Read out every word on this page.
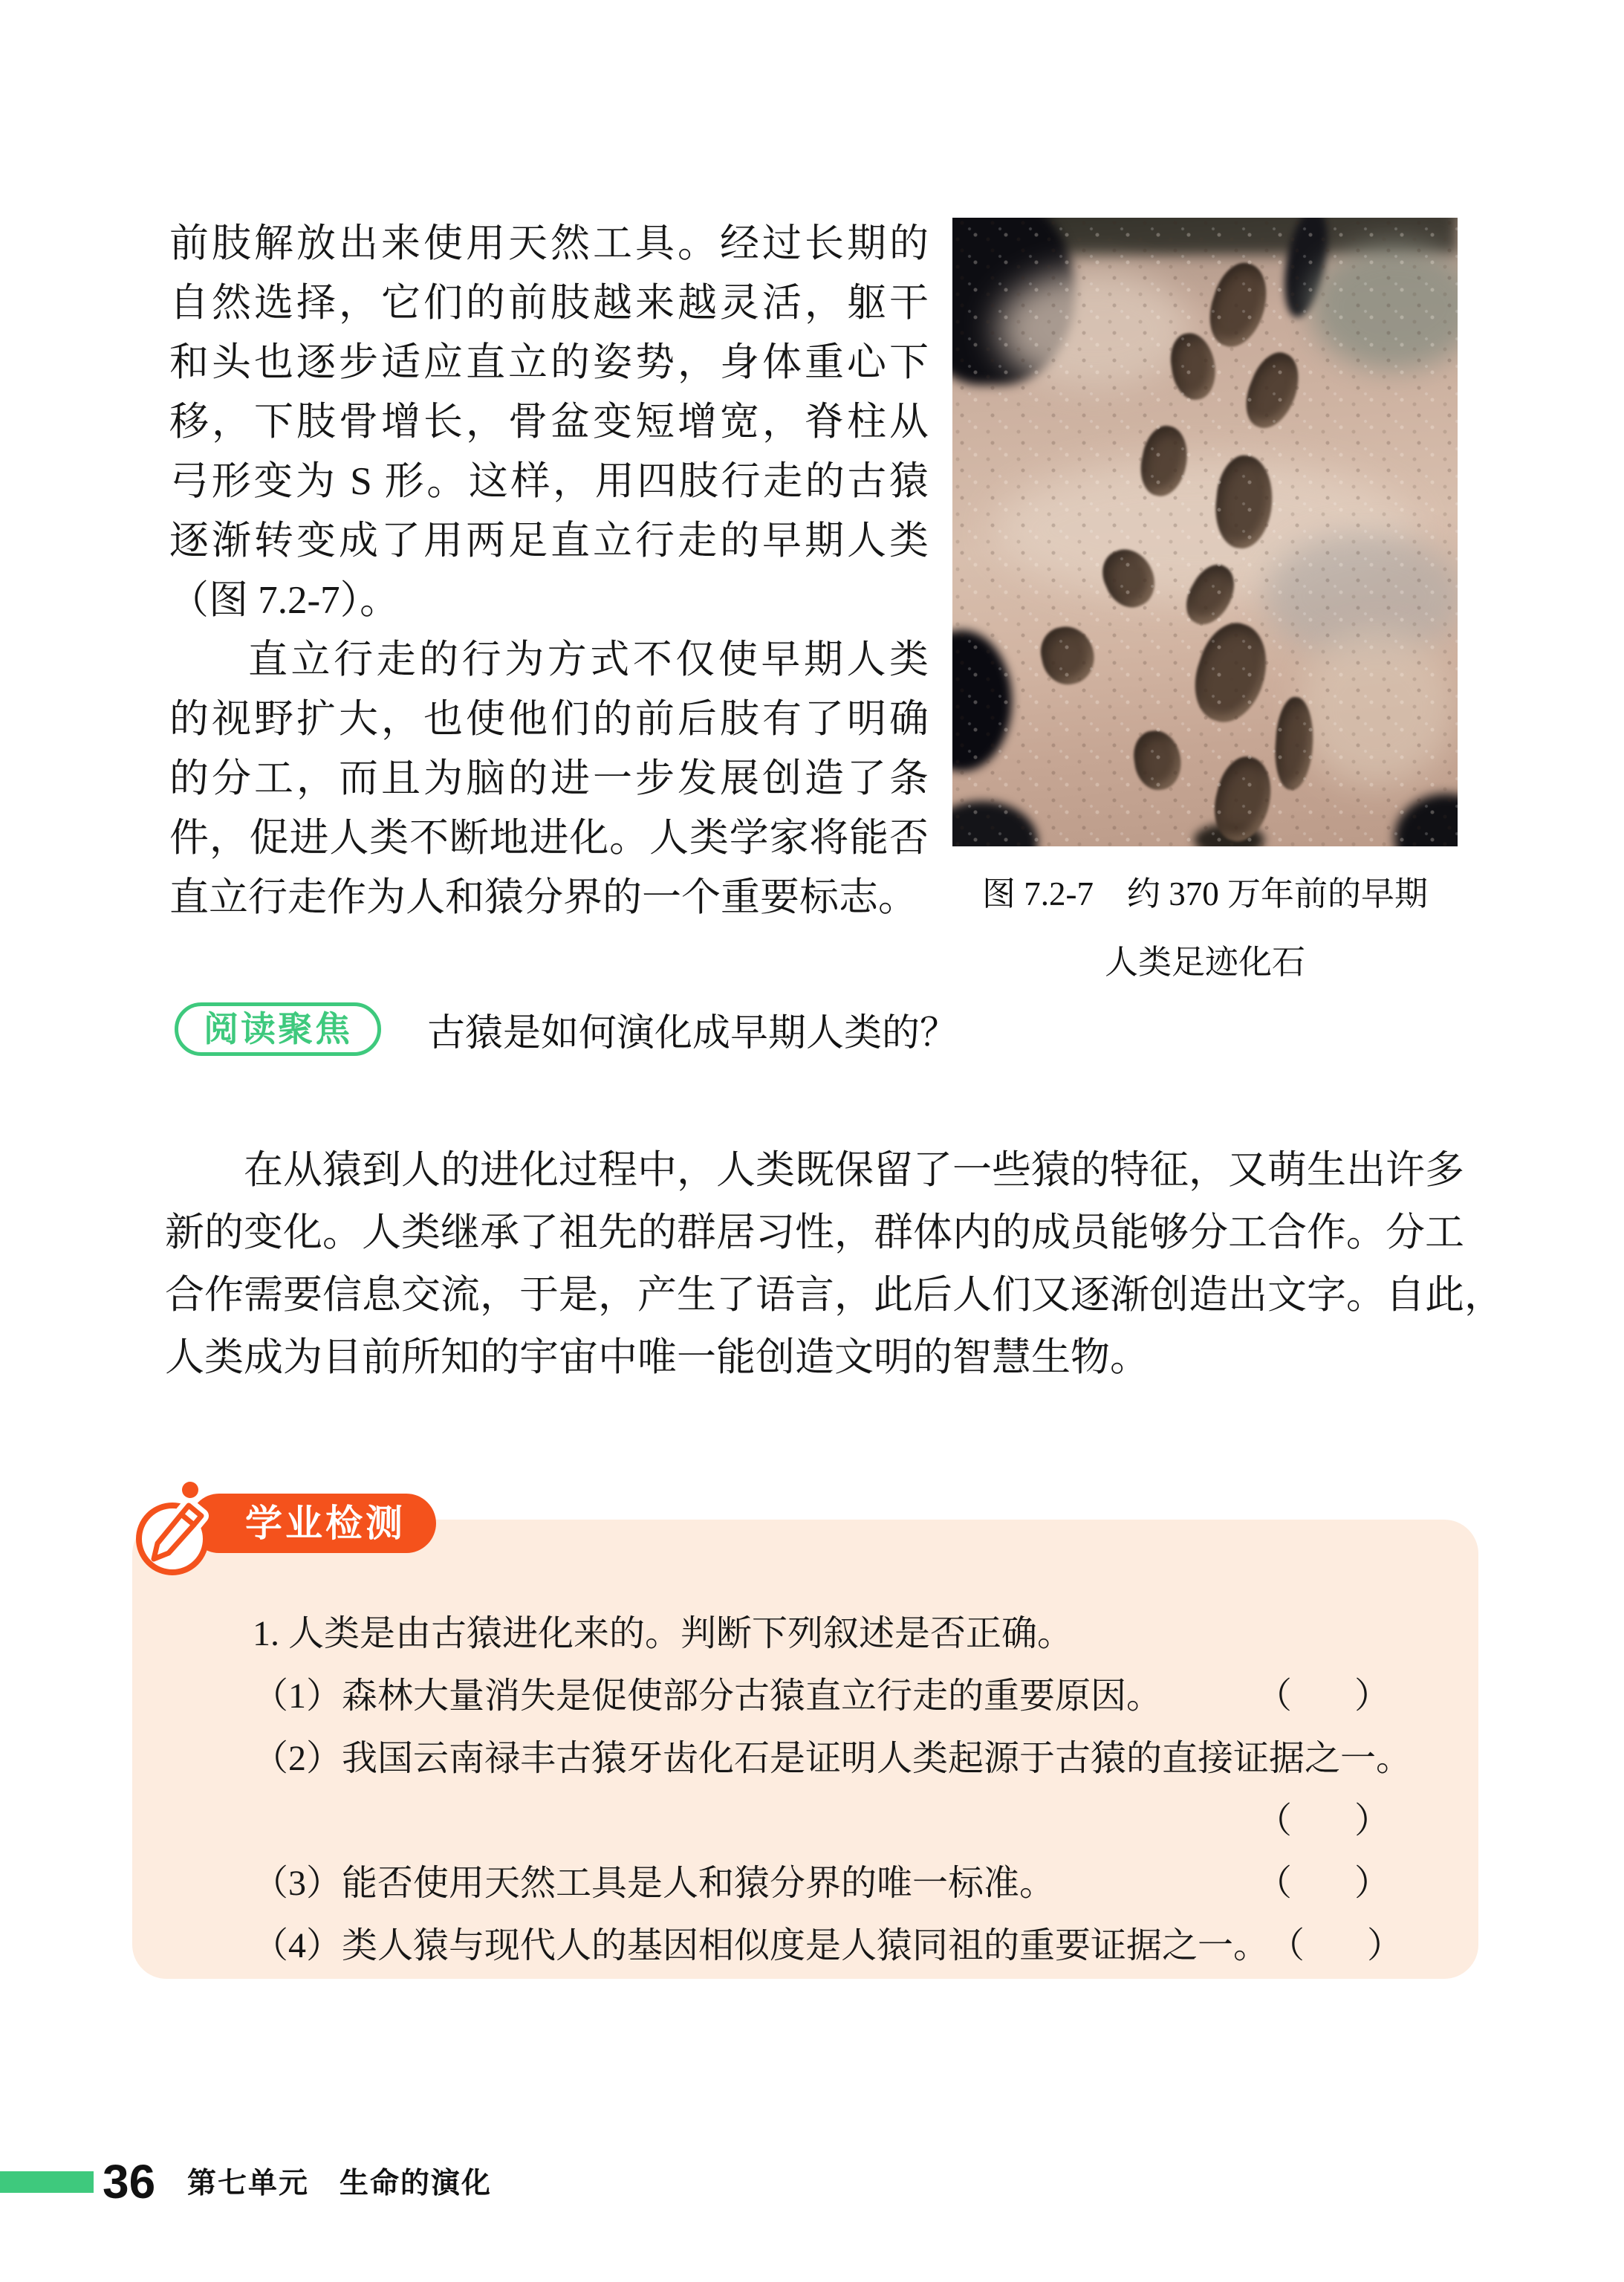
前肢解放出来使用天然工具。经过长期的
自然选择，它们的前肢越来越灵活，躯干
和头也逐步适应直立的姿势，身体重心下
移，下肢骨增长，骨盆变短增宽，脊柱从
弓形变为 S 形。这样，用四肢行走的古猿
逐渐转变成了用两足直立行走的早期人类
（图 7.2-7）。
直立行走的行为方式不仅使早期人类
的视野扩大，也使他们的前后肢有了明确
的分工，而且为脑的进一步发展创造了条
件，促进人类不断地进化。人类学家将能否
直立行走作为人和猿分界的一个重要标志。	图 7.2-7　约 370 万年前的早期
人类足迹化石
阅读聚焦	古猿是如何演化成早期人类的？
在从猿到人的进化过程中，人类既保留了一些猿的特征，又萌生出许多
新的变化。人类继承了祖先的群居习性，群体内的成员能够分工合作。分工
合作需要信息交流，于是，产生了语言，此后人们又逐渐创造出文字。自此，
人类成为目前所知的宇宙中唯一能创造文明的智慧生物。
1. 人类是由古猿进化来的。判断下列叙述是否正确。
（1）森林大量消失是促使部分古猿直立行走的重要原因。	（　　）
（2）我国云南禄丰古猿牙齿化石是证明人类起源于古猿的直接证据之一。
（　　）
（3）能否使用天然工具是人和猿分界的唯一标准。	（　　）
（4）类人猿与现代人的基因相似度是人猿同祖的重要证据之一。 （　　）
学业检测
36 第七单元　生命的演化
